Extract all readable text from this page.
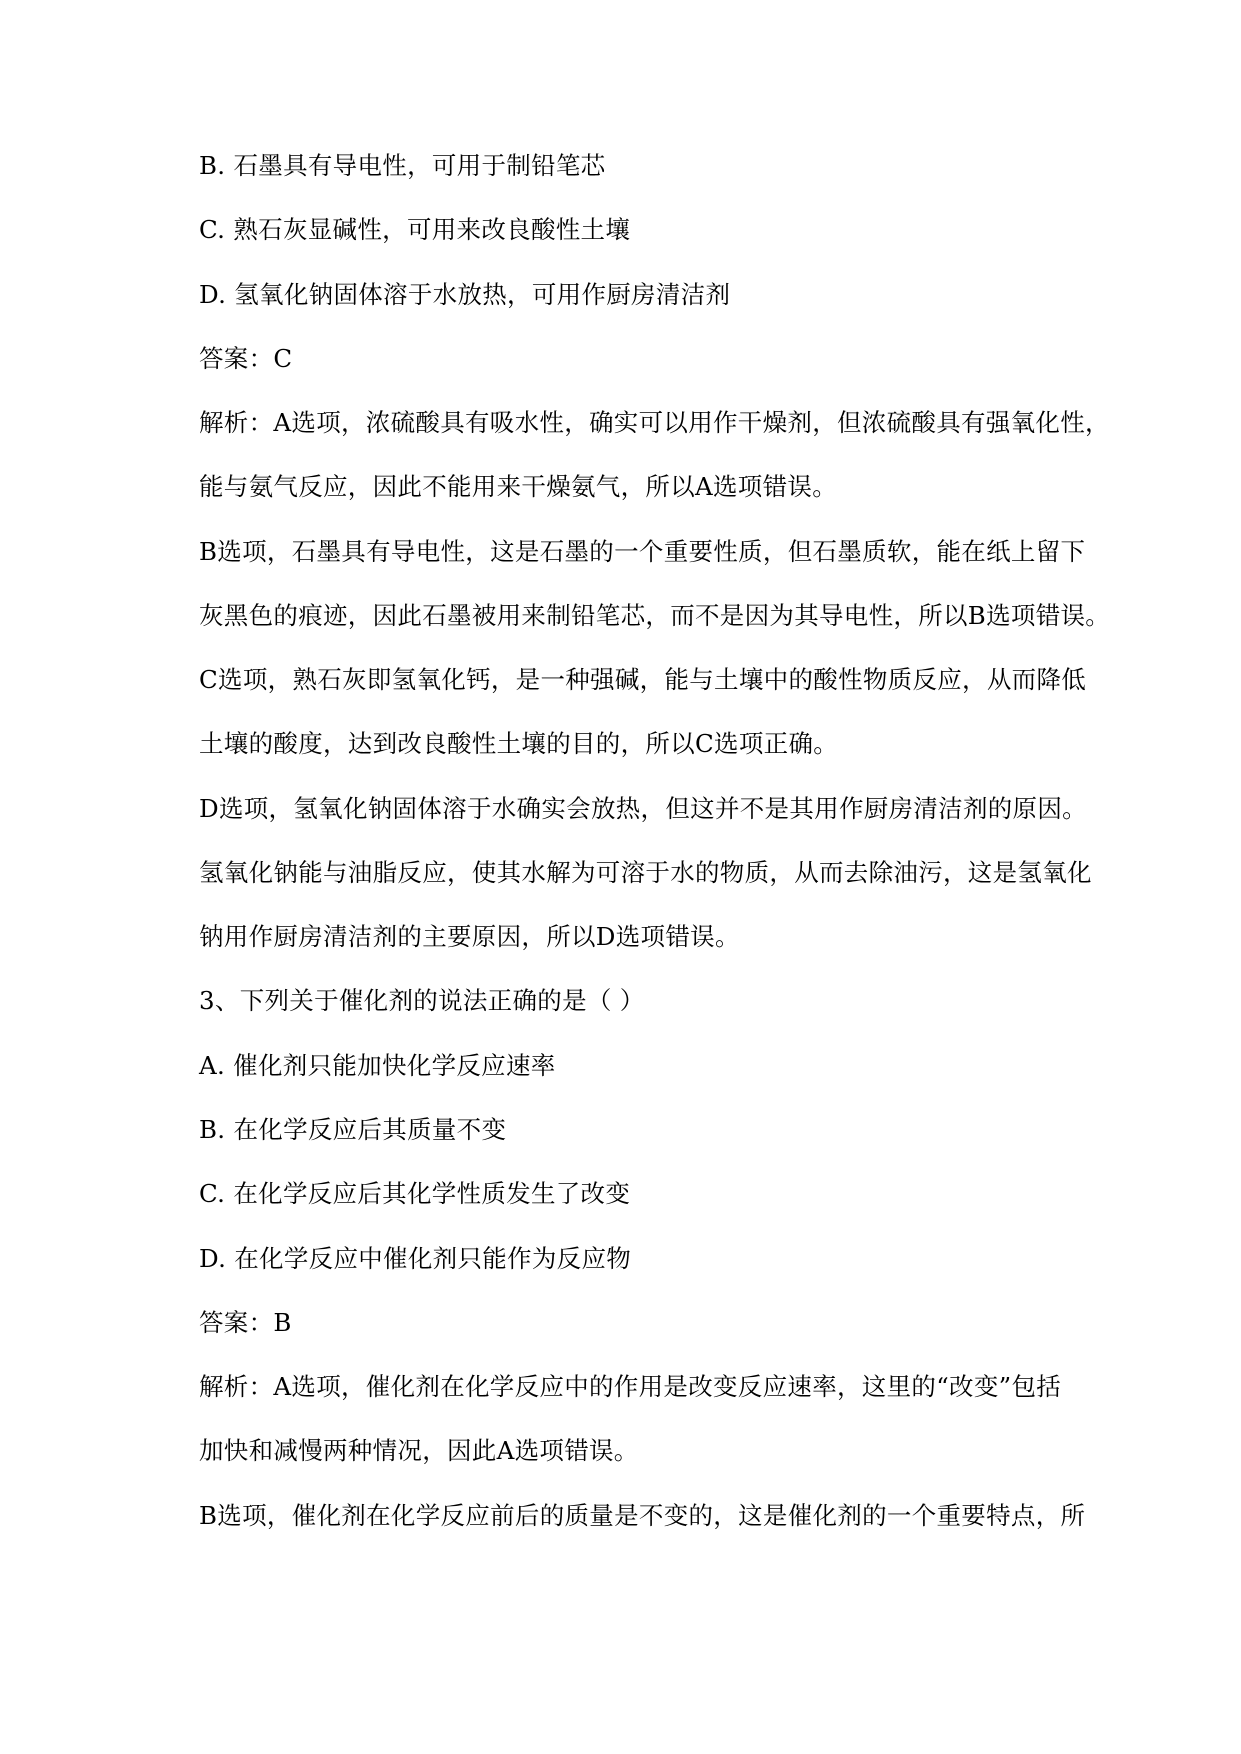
B. 石墨具有导电性，可用于制铅笔芯
C. 熟石灰显碱性，可用来改良酸性土壤
D. 氢氧化钠固体溶于水放热，可用作厨房清洁剂
答案：C
解析：A选项，浓硫酸具有吸水性，确实可以用作干燥剂，但浓硫酸具有强氧化性，
能与氨气反应，因此不能用来干燥氨气，所以A选项错误。
B选项，石墨具有导电性，这是石墨的一个重要性质，但石墨质软，能在纸上留下
灰黑色的痕迹，因此石墨被用来制铅笔芯，而不是因为其导电性，所以B选项错误。
C选项，熟石灰即氢氧化钙，是一种强碱，能与土壤中的酸性物质反应，从而降低
土壤的酸度，达到改良酸性土壤的目的，所以C选项正确。
D选项，氢氧化钠固体溶于水确实会放热，但这并不是其用作厨房清洁剂的原因。
氢氧化钠能与油脂反应，使其水解为可溶于水的物质，从而去除油污，这是氢氧化
钠用作厨房清洁剂的主要原因，所以D选项错误。
3、下列关于催化剂的说法正确的是（ ）
A. 催化剂只能加快化学反应速率
B. 在化学反应后其质量不变
C. 在化学反应后其化学性质发生了改变
D. 在化学反应中催化剂只能作为反应物
答案：B
解析：A选项，催化剂在化学反应中的作用是改变反应速率，这里的“改变”包括
加快和减慢两种情况，因此A选项错误。
B选项，催化剂在化学反应前后的质量是不变的，这是催化剂的一个重要特点，所
